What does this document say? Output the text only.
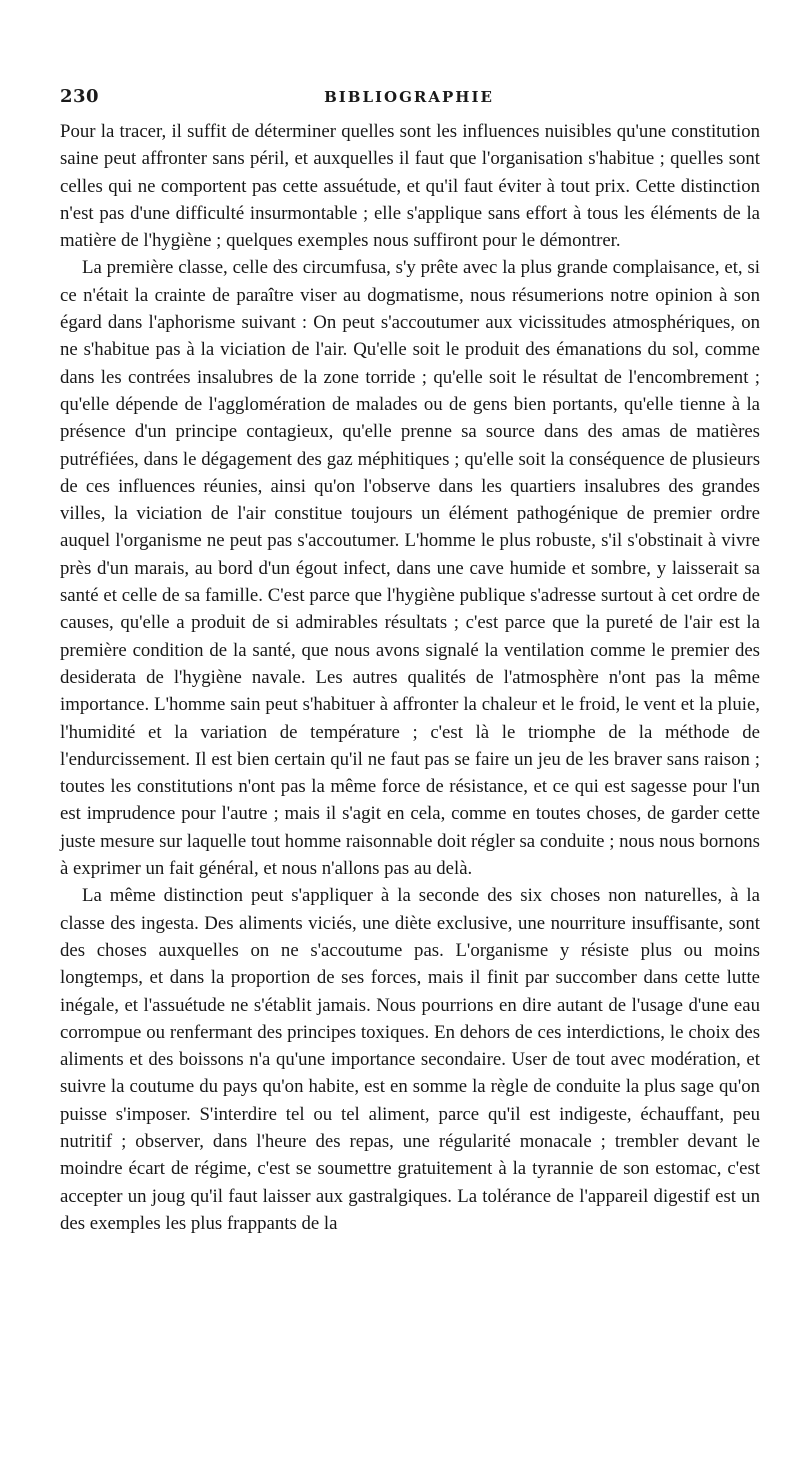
230	BIBLIOGRAPHIE

Pour la tracer, il suffit de déterminer quelles sont les influences nuisibles qu'une constitution saine peut affronter sans péril, et auxquelles il faut que l'organisation s'habitue ; quelles sont celles qui ne comportent pas cette assuétude, et qu'il faut éviter à tout prix. Cette distinction n'est pas d'une difficulté insurmontable ; elle s'applique sans effort à tous les éléments de la matière de l'hygiène ; quelques exemples nous suffiront pour le démontrer.

La première classe, celle des circumfusa, s'y prête avec la plus grande complaisance, et, si ce n'était la crainte de paraître viser au dogmatisme, nous résumerions notre opinion à son égard dans l'aphorisme suivant : On peut s'accoutumer aux vicissitudes atmosphériques, on ne s'habitue pas à la viciation de l'air. Qu'elle soit le produit des émanations du sol, comme dans les contrées insalubres de la zone torride ; qu'elle soit le résultat de l'encombrement ; qu'elle dépende de l'agglomération de malades ou de gens bien portants, qu'elle tienne à la présence d'un principe contagieux, qu'elle prenne sa source dans des amas de matières putréfiées, dans le dégagement des gaz méphitiques ; qu'elle soit la conséquence de plusieurs de ces influences réunies, ainsi qu'on l'observe dans les quartiers insalubres des grandes villes, la viciation de l'air constitue toujours un élément pathogénique de premier ordre auquel l'organisme ne peut pas s'accoutumer. L'homme le plus robuste, s'il s'obstinait à vivre près d'un marais, au bord d'un égout infect, dans une cave humide et sombre, y laisserait sa santé et celle de sa famille. C'est parce que l'hygiène publique s'adresse surtout à cet ordre de causes, qu'elle a produit de si admirables résultats ; c'est parce que la pureté de l'air est la première condition de la santé, que nous avons signalé la ventilation comme le premier des desiderata de l'hygiène navale. Les autres qualités de l'atmosphère n'ont pas la même importance. L'homme sain peut s'habituer à affronter la chaleur et le froid, le vent et la pluie, l'humidité et la variation de température ; c'est là le triomphe de la méthode de l'endurcissement. Il est bien certain qu'il ne faut pas se faire un jeu de les braver sans raison ; toutes les constitutions n'ont pas la même force de résistance, et ce qui est sagesse pour l'un est imprudence pour l'autre ; mais il s'agit en cela, comme en toutes choses, de garder cette juste mesure sur laquelle tout homme raisonnable doit régler sa conduite ; nous nous bornons à exprimer un fait général, et nous n'allons pas au delà.

La même distinction peut s'appliquer à la seconde des six choses non naturelles, à la classe des ingesta. Des aliments viciés, une diète exclusive, une nourriture insuffisante, sont des choses auxquelles on ne s'accoutume pas. L'organisme y résiste plus ou moins longtemps, et dans la proportion de ses forces, mais il finit par succomber dans cette lutte inégale, et l'assuétude ne s'établit jamais. Nous pourrions en dire autant de l'usage d'une eau corrompue ou renfermant des principes toxiques. En dehors de ces interdictions, le choix des aliments et des boissons n'a qu'une importance secondaire. User de tout avec modération, et suivre la coutume du pays qu'on habite, est en somme la règle de conduite la plus sage qu'on puisse s'imposer. S'interdire tel ou tel aliment, parce qu'il est indigeste, échauffant, peu nutritif ; observer, dans l'heure des repas, une régularité monacale ; trembler devant le moindre écart de régime, c'est se soumettre gratuitement à la tyrannie de son estomac, c'est accepter un joug qu'il faut laisser aux gastralgiques. La tolérance de l'appareil digestif est un des exemples les plus frappants de la
